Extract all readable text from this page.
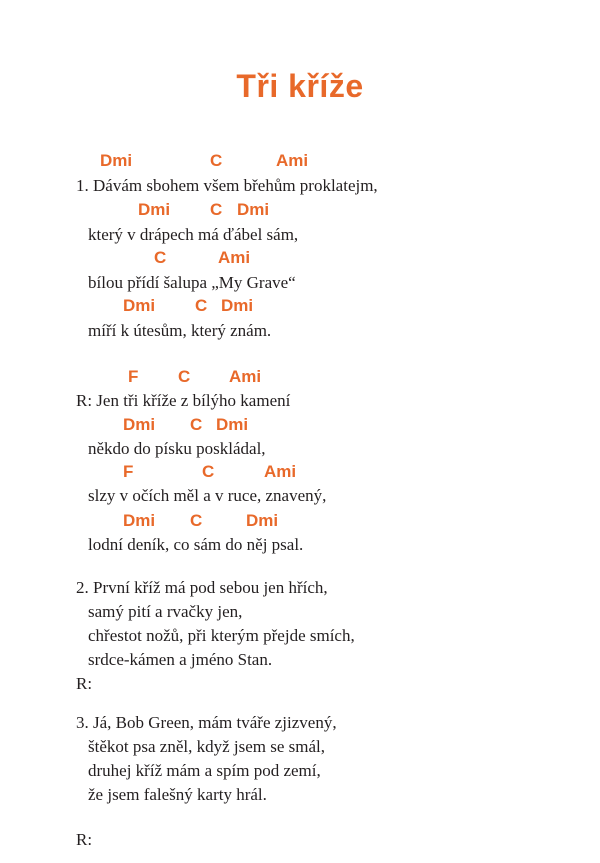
Tři kříže
Dmi	C	Ami
1. Dávám sbohem všem břehům proklatejm,
Dmi C Dmi
který v drápech má ďábel sám,
C	Ami
bílou přídí šalupa „My Grave“
Dmi C Dmi
míří k útesům, který znám.
F C Ami
R: Jen tři kříže z bílýho kamení
Dmi C Dmi
někdo do písku poskládal,
F	C	Ami
slzy v očích měl a v ruce, znavený,
Dmi C	Dmi
lodní deník, co sám do něj psal.
2. První kříž má pod sebou jen hřích,
samý pití a rvačky jen,
chřestot nožů, při kterým přejde smích,
srdce-kámen a jméno Stan.
R:
3. Já, Bob Green, mám tváře zjizvený,
štěkot psa zněl, když jsem se smál,
druhej kříž mám a spím pod zemí,
že jsem falešný karty hrál.
R:
